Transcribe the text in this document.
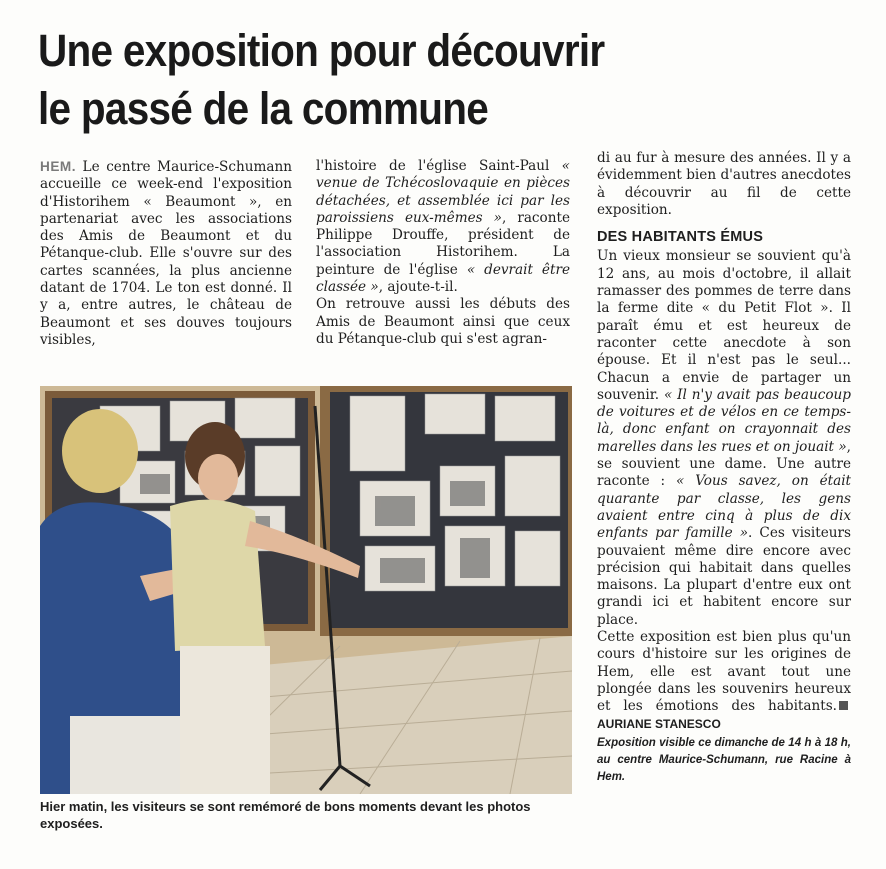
Une exposition pour découvrir
le passé de la commune

HEM. Le centre Maurice-Schumann accueille ce week-end l'exposition d'Historihem « Beaumont », en partenariat avec les associations des Amis de Beaumont et du Pétanque-club. Elle s'ouvre sur des cartes scannées, la plus ancienne datant de 1704. Le ton est donné. Il y a, entre autres, le château de Beaumont et ses douves toujours visibles,

l'histoire de l'église Saint-Paul « venue de Tchécoslovaquie en pièces détachées, et assemblée ici par les paroissiens eux-mêmes », raconte Philippe Drouffe, président de l'association Historihem. La peinture de l'église « devrait être classée », ajoute-t-il.

On retrouve aussi les débuts des Amis de Beaumont ainsi que ceux du Pétanque-club qui s'est agran-

di au fur à mesure des années. Il y a évidemment bien d'autres anecdotes à découvrir au fil de cette exposition.

DES HABITANTS ÉMUS

Un vieux monsieur se souvient qu'à 12 ans, au mois d'octobre, il allait ramasser des pommes de terre dans la ferme dite « du Petit Flot ». Il paraît ému et est heureux de raconter cette anecdote à son épouse. Et il n'est pas le seul... Chacun a envie de partager un souvenir. « Il n'y avait pas beaucoup de voitures et de vélos en ce temps-là, donc enfant on crayonnait des marelles dans les rues et on jouait », se souvient une dame. Une autre raconte : « Vous savez, on était quarante par classe, les gens avaient entre cinq à plus de dix enfants par famille ». Ces visiteurs pouvaient même dire encore avec précision qui habitait dans quelles maisons. La plupart d'entre eux ont grandi ici et habitent encore sur place.

Cette exposition est bien plus qu'un cours d'histoire sur les origines de Hem, elle est avant tout une plongée dans les souvenirs heureux et les émotions des habitants.AURIANE STANESCO

Exposition visible ce dimanche de 14 h à 18 h, au centre Maurice-Schumann, rue Racine à Hem.
Hier matin, les visiteurs se sont remémoré de bons moments devant les photos exposées.
